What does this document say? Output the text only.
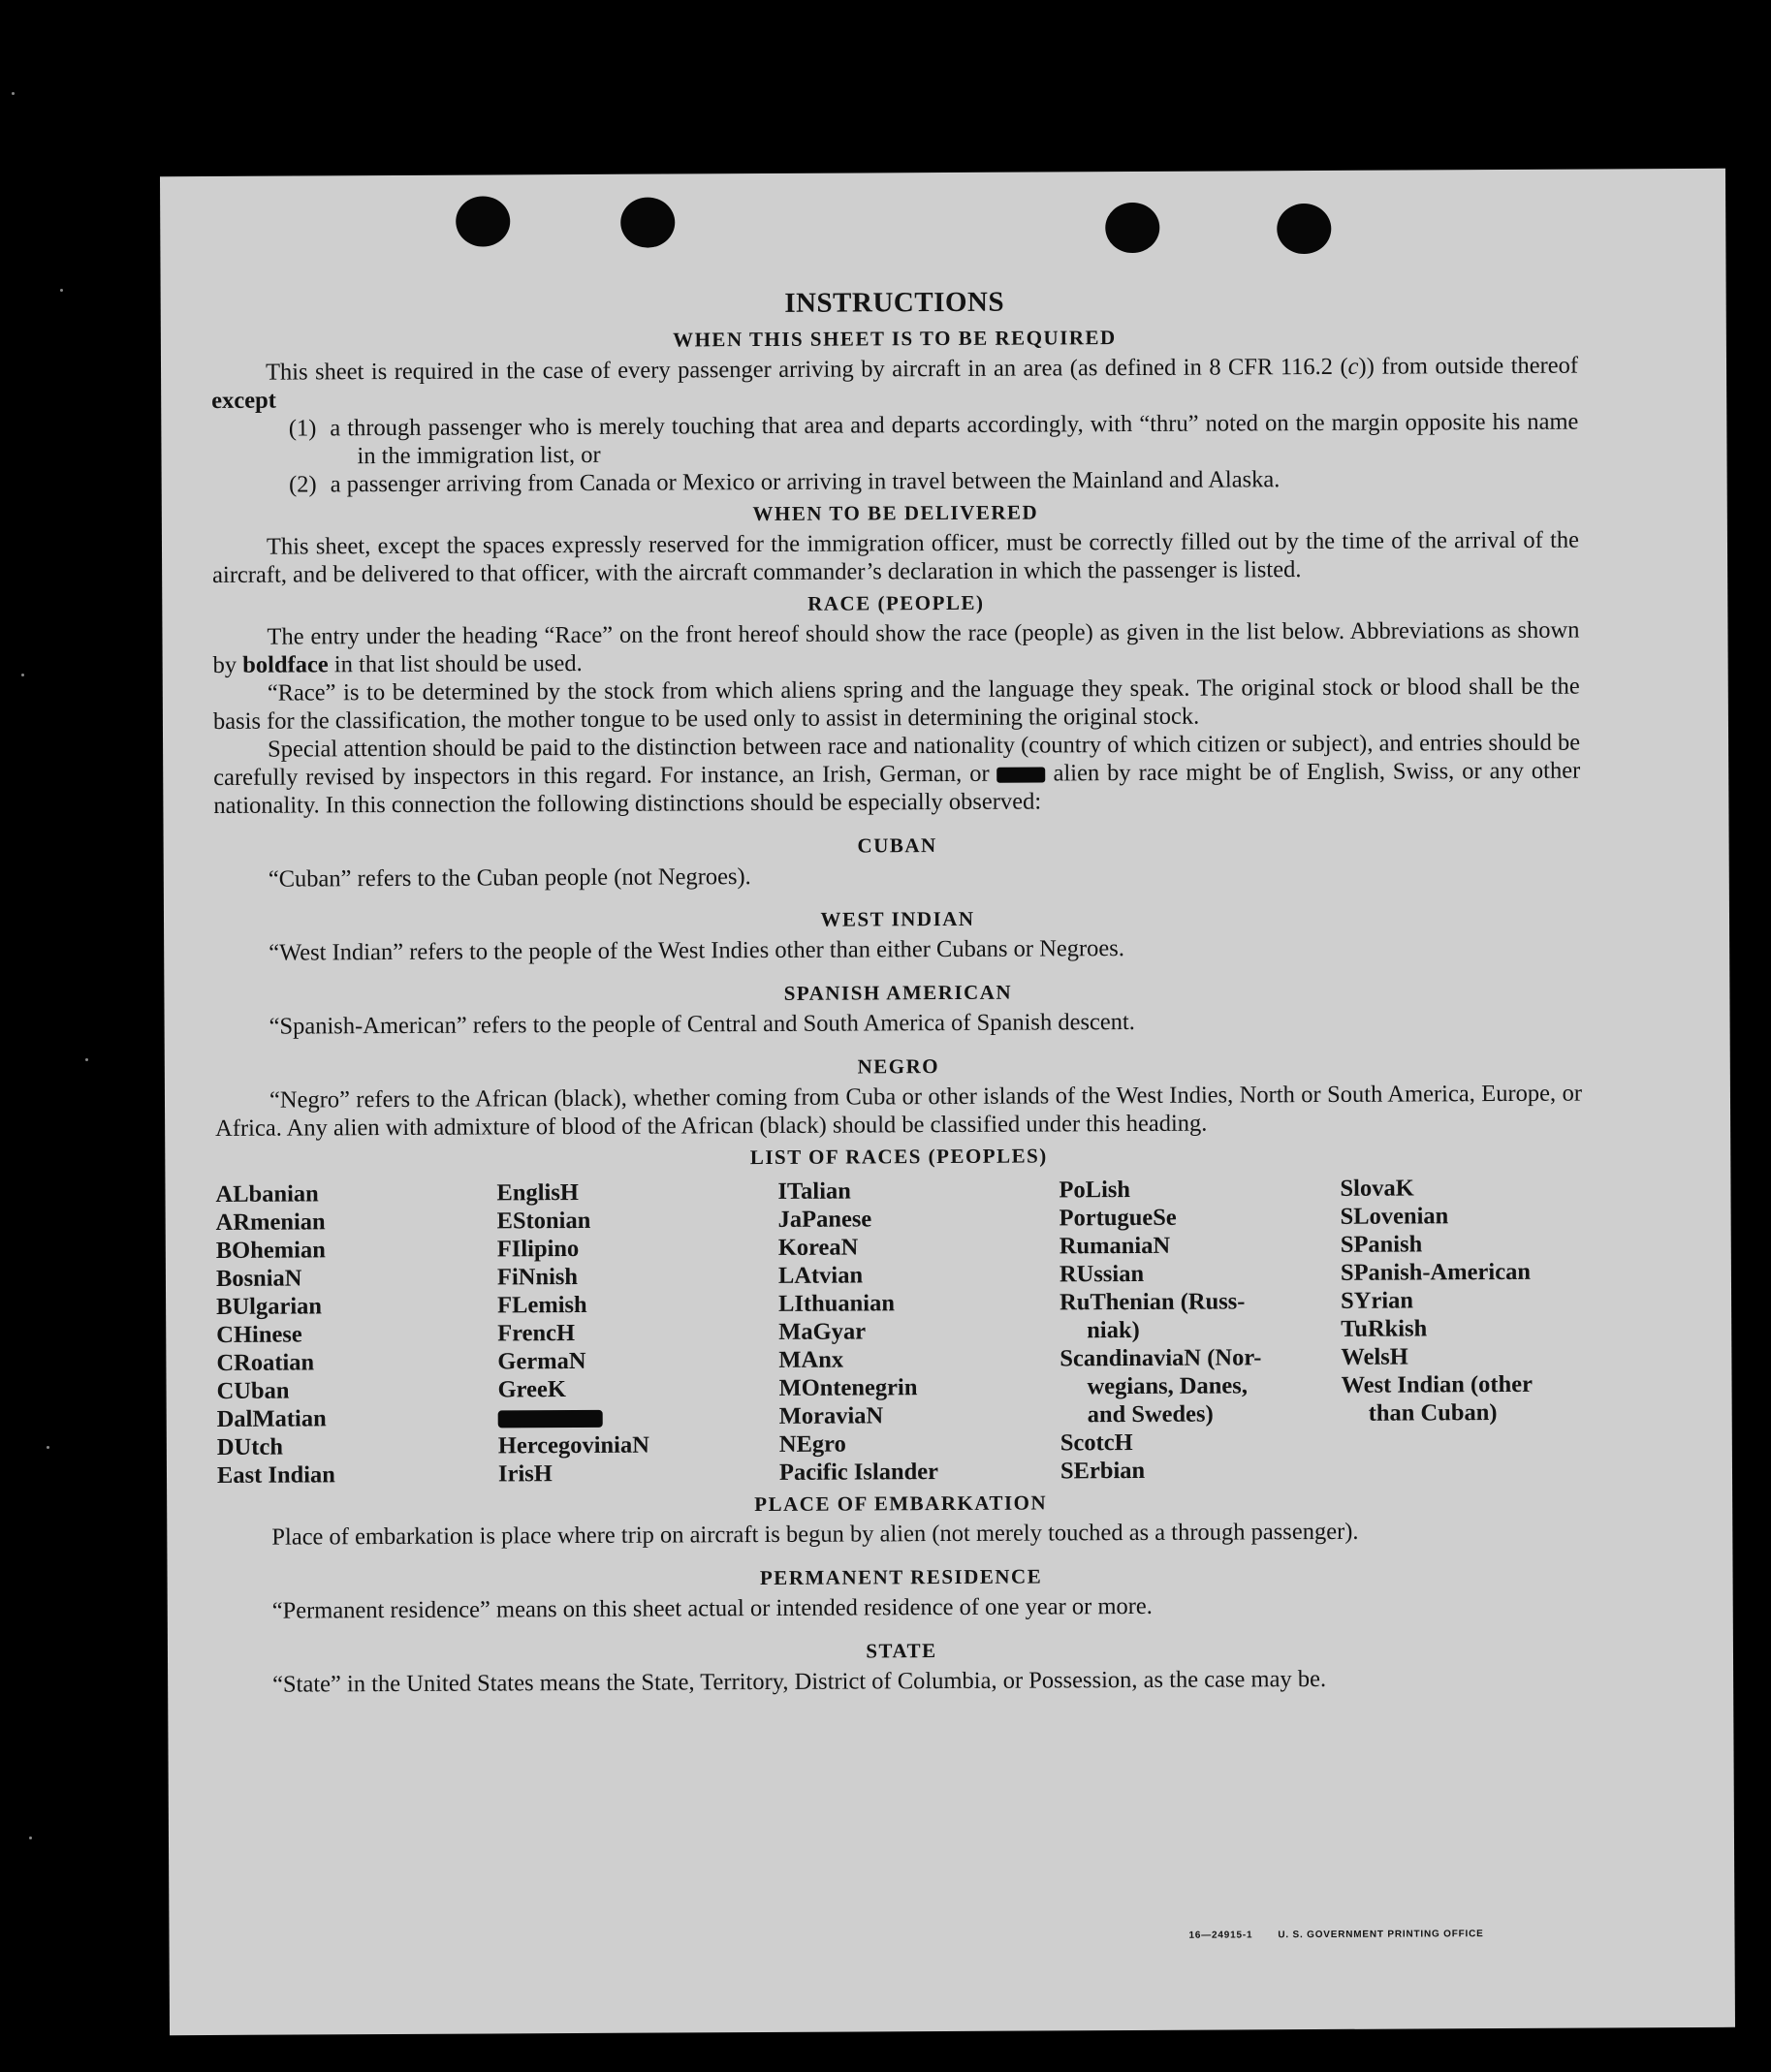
INSTRUCTIONS
WHEN THIS SHEET IS TO BE REQUIRED

This sheet is required in the case of every passenger arriving by aircraft in an area (as defined in 8 CFR 116.2 (c)) from outside thereof except

(1) a through passenger who is merely touching that area and departs accordingly, with “thru” noted on the margin opposite his name in the immigration list, or
(2) a passenger arriving from Canada or Mexico or arriving in travel between the Mainland and Alaska.
WHEN TO BE DELIVERED

This sheet, except the spaces expressly reserved for the immigration officer, must be correctly filled out by the time of the arrival of the aircraft, and be delivered to that officer, with the aircraft commander’s declaration in which the passenger is listed.

RACE (PEOPLE)

The entry under the heading “Race” on the front hereof should show the race (people) as given in the list below. Abbreviations as shown by boldface in that list should be used.

“Race” is to be determined by the stock from which aliens spring and the language they speak. The original stock or blood shall be the basis for the classification, the mother tongue to be used only to assist in determining the original stock.

Special attention should be paid to the distinction between race and nationality (country of which citizen or subject), and entries should be carefully revised by inspectors in this regard. For instance, an Irish, German, or  alien by race might be of English, Swiss, or any other nationality. In this connection the following distinctions should be especially observed:

CUBAN

“Cuban” refers to the Cuban people (not Negroes).

WEST INDIAN

“West Indian” refers to the people of the West Indies other than either Cubans or Negroes.

SPANISH AMERICAN

“Spanish-American” refers to the people of Central and South America of Spanish descent.

NEGRO

“Negro” refers to the African (black), whether coming from Cuba or other islands of the West Indies, North or South America, Europe, or Africa. Any alien with admixture of blood of the African (black) should be classified under this heading.

LIST OF RACES (PEOPLES)
ALbanian
ARmenian
BOhemian
BosniaN
BUlgarian
CHinese
CRoatian
CUban
DalMatian
DUtch
East Indian
EnglisH
EStonian
FIlipino
FiNnish
FLemish
FrencH
GermaN
GreeK
HercegoviniaN
IrisH
ITalian
JaPanese
KoreaN
LAtvian
LIthuanian
MaGyar
MAnx
MOntenegrin
MoraviaN
NEgro
Pacific Islander
PoLish
PortugueSe
RumaniaN
RUssian
RuThenian (Russ-
niak)
ScandinaviaN (Nor-
wegians, Danes,
and Swedes)
ScotcH
SErbian
SlovaK
SLovenian
SPanish
SPanish-American
SYrian
TuRkish
WelsH
West Indian (other
than Cuban)
PLACE OF EMBARKATION

Place of embarkation is place where trip on aircraft is begun by alien (not merely touched as a through passenger).

PERMANENT RESIDENCE

“Permanent residence” means on this sheet actual or intended residence of one year or more.

STATE

“State” in the United States means the State, Territory, District of Columbia, or Possession, as the case may be.

16—24915-1	U. S. GOVERNMENT PRINTING OFFICE
